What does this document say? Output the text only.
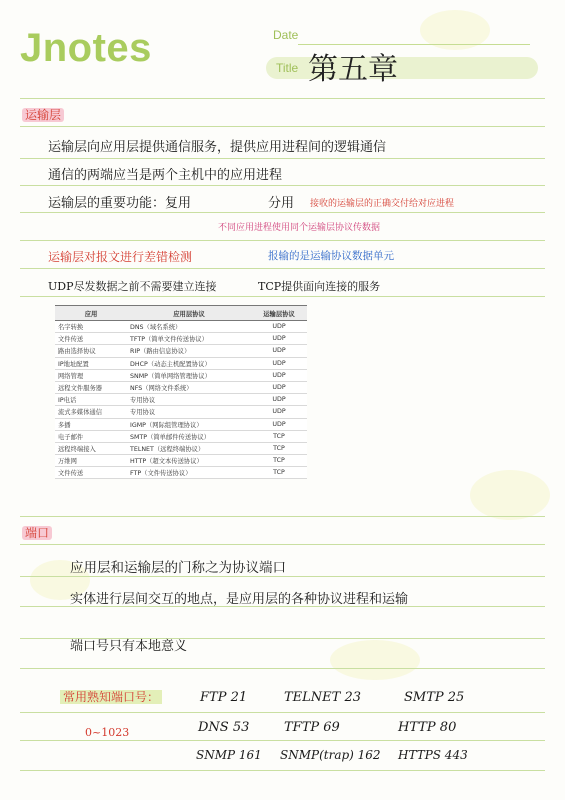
Jnotes	Date
Title 第五章
运输层
运输层向应用层提供通信服务，提供应用进程间的逻辑通信
通信的两端应当是两个主机中的应用进程
运输层的重要功能：复用	分用 接收的运输层的正确交付给对应进程
不同应用进程使用同个运输层协议传数据
运输层对报文进行差错检测	报输的是运输协议数据单元
UDP尽发数据之前不需要建立连接	TCP提供面向连接的服务
应用	应用层协议	运输层协议
名字转换	DNS（域名系统）	UDP
文件传送	TFTP（简单文件传送协议）	UDP
路由选择协议	RIP（路由信息协议）	UDP
IP地址配置	DHCP（动态主机配置协议）	UDP
网络管理	SNMP（简单网络管理协议）	UDP
远程文件服务器	NFS（网络文件系统）	UDP
IP电话	专用协议	UDP
流式多媒体通信	专用协议	UDP
多播	IGMP（网际组管理协议）	UDP
电子邮件	SMTP（简单邮件传送协议）	TCP
远程终端接入	TELNET（远程终端协议）	TCP
万维网	HTTP（超文本传送协议）	TCP
文件传送	FTP（文件传送协议）	TCP
端口
应用层和运输层的门称之为协议端口
实体进行层间交互的地点，是应用层的各种协议进程和运输
端口号只有本地意义
常用熟知端口号：
0~1023
FTP 21	TELNET 23	SMTP 25
DNS 53	TFTP 69	HTTP 80
SNMP 161 SNMP(trap) 162 HTTPS 443
